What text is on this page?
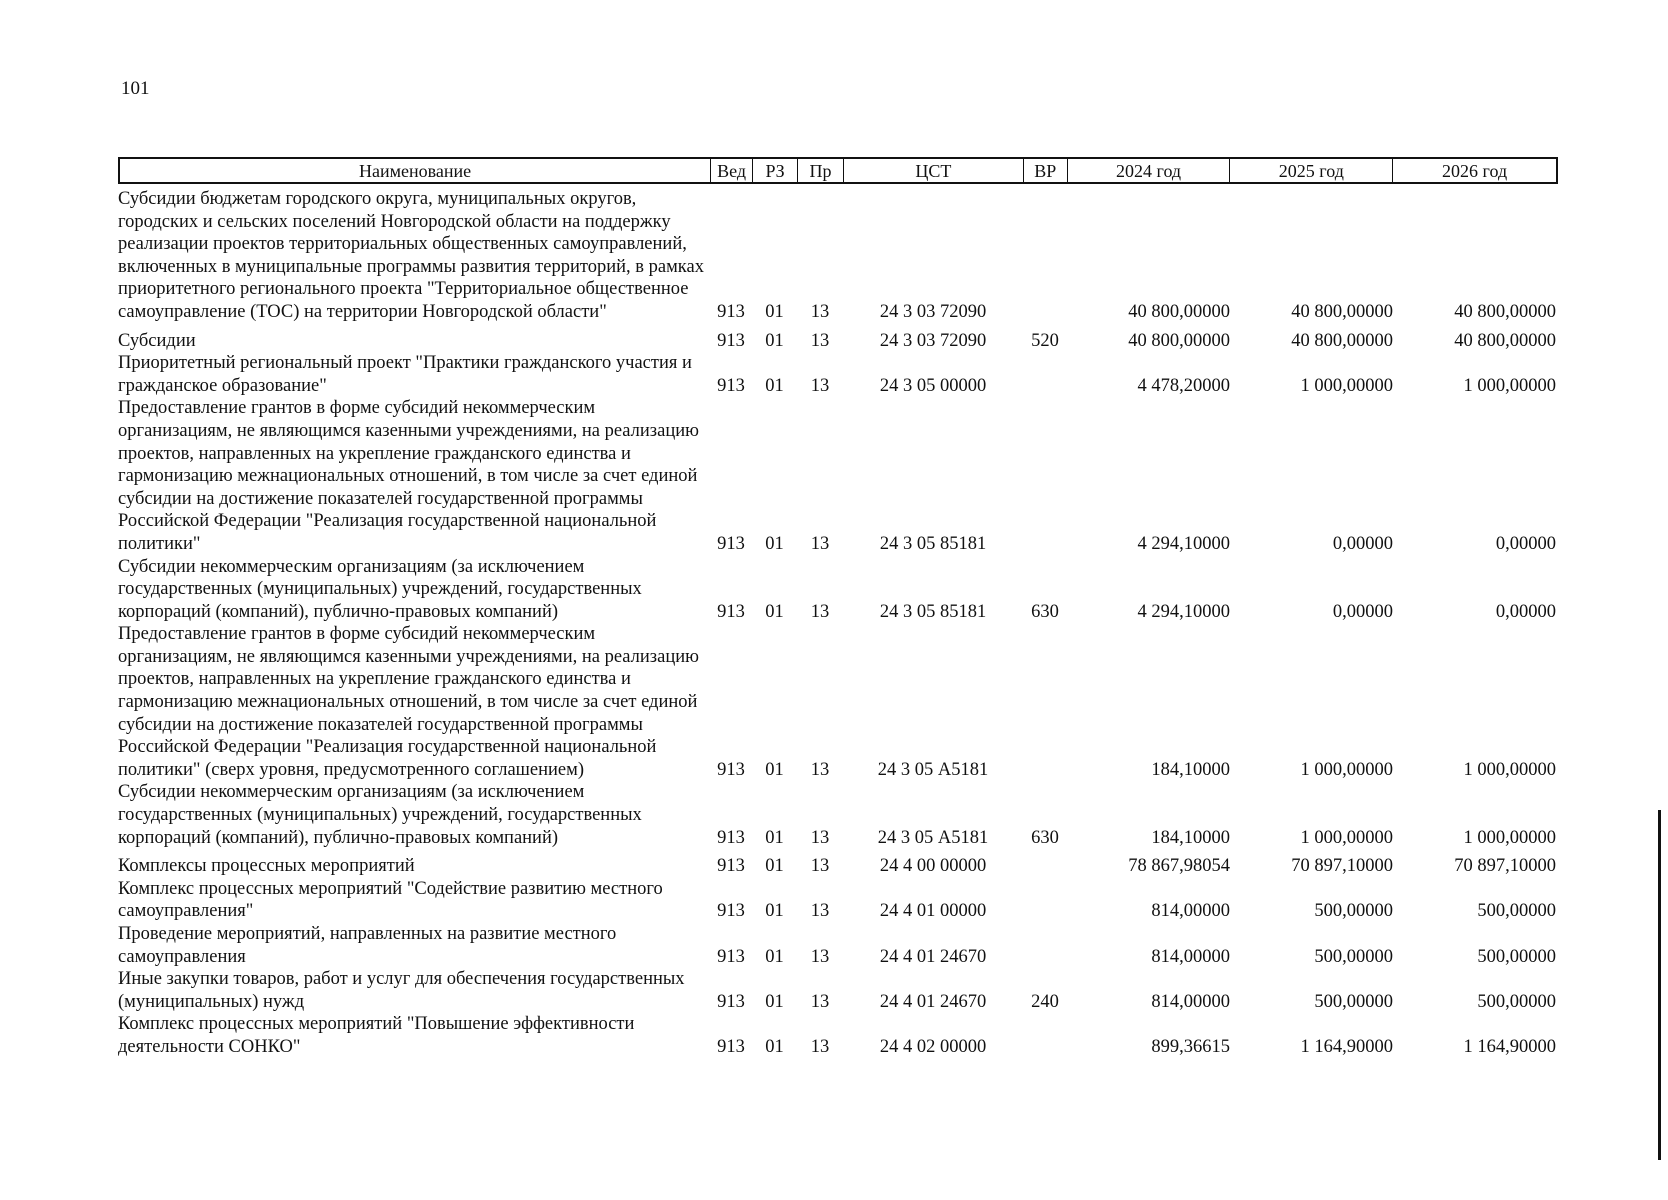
101
Наименование	Вед	РЗ	Пр	ЦСТ	ВР	2024 год	2025 год	2026 год
Субсидии бюджетам городского округа, муниципальных округов, городских и сельских поселений Новгородской области на поддержку реализации проектов территориальных общественных самоуправлений, включенных в муниципальные программы развития территорий, в рамках приоритетного регионального проекта "Территориальное общественное самоуправление (ТОС) на территории Новгородской области"	913	01	13	24 3 03 72090	40 800,00000	40 800,00000	40 800,00000
Субсидии	913	01	13	24 3 03 72090	520	40 800,00000	40 800,00000	40 800,00000
Приоритетный региональный проект "Практики гражданского участия и гражданское образование"	913	01	13	24 3 05 00000	4 478,20000	1 000,00000	1 000,00000
Предоставление грантов в форме субсидий некоммерческим организациям, не являющимся казенными учреждениями, на реализацию проектов, направленных на укрепление гражданского единства и гармонизацию межнациональных отношений, в том числе за счет единой субсидии на достижение показателей государственной программы Российской Федерации "Реализация государственной национальной политики"	913	01	13	24 3 05 85181	4 294,10000	0,00000	0,00000
Субсидии некоммерческим организациям (за исключением государственных (муниципальных) учреждений, государственных корпораций (компаний), публично-правовых компаний)	913	01	13	24 3 05 85181	630	4 294,10000	0,00000	0,00000
Предоставление грантов в форме субсидий некоммерческим организациям, не являющимся казенными учреждениями, на реализацию проектов, направленных на укрепление гражданского единства и гармонизацию межнациональных отношений, в том числе за счет единой субсидии на достижение показателей государственной программы Российской Федерации "Реализация государственной национальной политики" (сверх уровня, предусмотренного соглашением)	913	01	13	24 3 05 А5181	184,10000	1 000,00000	1 000,00000
Субсидии некоммерческим организациям (за исключением государственных (муниципальных) учреждений, государственных корпораций (компаний), публично-правовых компаний)	913	01	13	24 3 05 А5181	630	184,10000	1 000,00000	1 000,00000
Комплексы процессных мероприятий	913	01	13	24 4 00 00000	78 867,98054	70 897,10000	70 897,10000
Комплекс процессных мероприятий "Содействие развитию местного самоуправления"	913	01	13	24 4 01 00000	814,00000	500,00000	500,00000
Проведение мероприятий, направленных на развитие местного самоуправления	913	01	13	24 4 01 24670	814,00000	500,00000	500,00000
Иные закупки товаров, работ и услуг для обеспечения государственных (муниципальных) нужд	913	01	13	24 4 01 24670	240	814,00000	500,00000	500,00000
Комплекс процессных мероприятий "Повышение эффективности деятельности СОНКО"	913	01	13	24 4 02 00000	899,36615	1 164,90000	1 164,90000
